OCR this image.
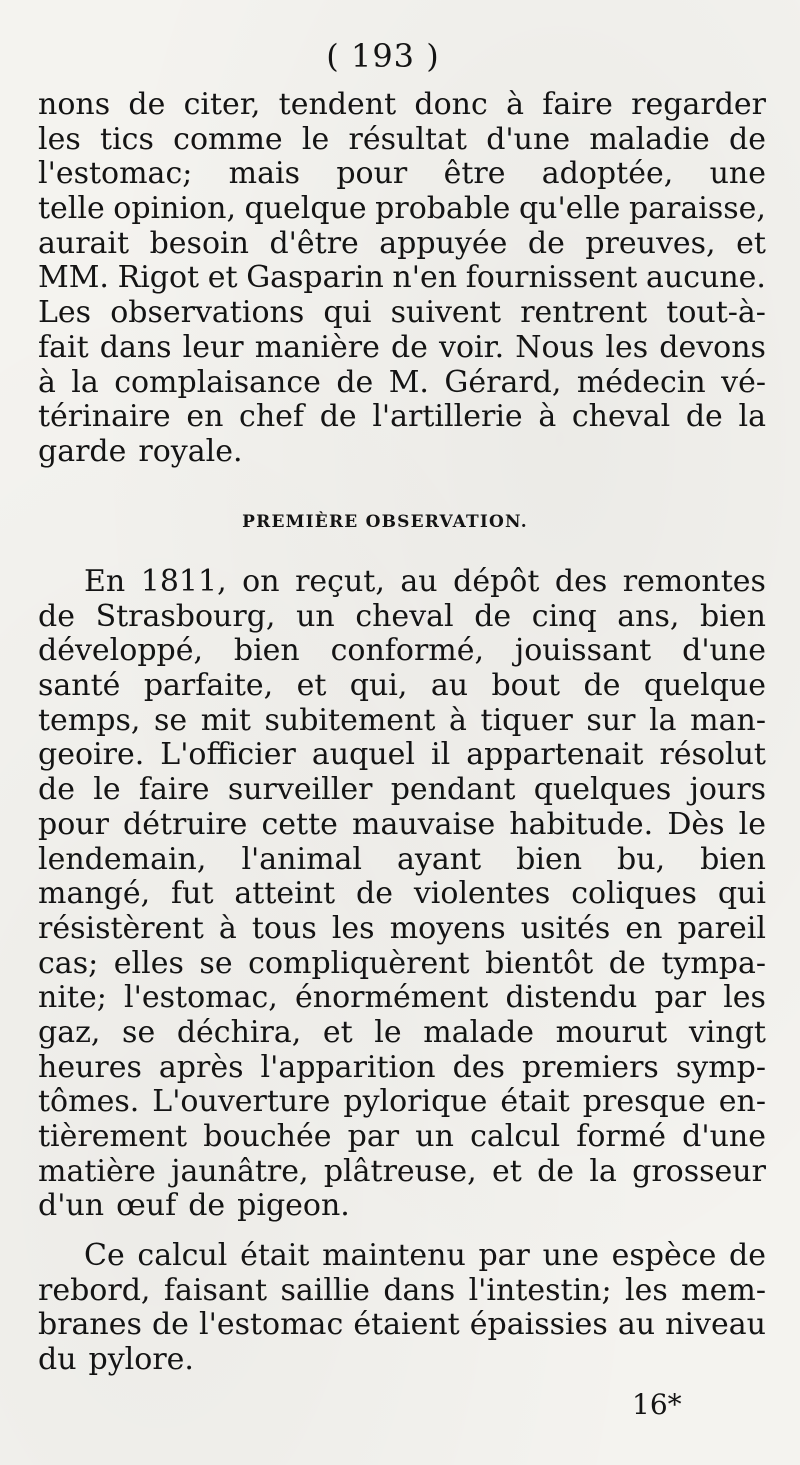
( 193 )
nons de citer, tendent donc à faire regarder
les tics comme le résultat d'une maladie de
l'estomac; mais pour être adoptée, une
telle opinion, quelque probable qu'elle paraisse,
aurait besoin d'être appuyée de preuves, et
MM. Rigot et Gasparin n'en fournissent aucune.
Les observations qui suivent rentrent tout-à-
fait dans leur manière de voir. Nous les devons
à la complaisance de M. Gérard, médecin vé-
térinaire en chef de l'artillerie à cheval de la
garde royale.
PREMIÈRE OBSERVATION.
En 1811, on reçut, au dépôt des remontes
de Strasbourg, un cheval de cinq ans, bien
développé, bien conformé, jouissant d'une
santé parfaite, et qui, au bout de quelque
temps, se mit subitement à tiquer sur la man-
geoire. L'officier auquel il appartenait résolut
de le faire surveiller pendant quelques jours
pour détruire cette mauvaise habitude. Dès le
lendemain, l'animal ayant bien bu, bien
mangé, fut atteint de violentes coliques qui
résistèrent à tous les moyens usités en pareil
cas; elles se compliquèrent bientôt de tympa-
nite; l'estomac, énormément distendu par les
gaz, se déchira, et le malade mourut vingt
heures après l'apparition des premiers symp-
tômes. L'ouverture pylorique était presque en-
tièrement bouchée par un calcul formé d'une
matière jaunâtre, plâtreuse, et de la grosseur
d'un œuf de pigeon.
Ce calcul était maintenu par une espèce de
rebord, faisant saillie dans l'intestin; les mem-
branes de l'estomac étaient épaissies au niveau
du pylore.
16*
